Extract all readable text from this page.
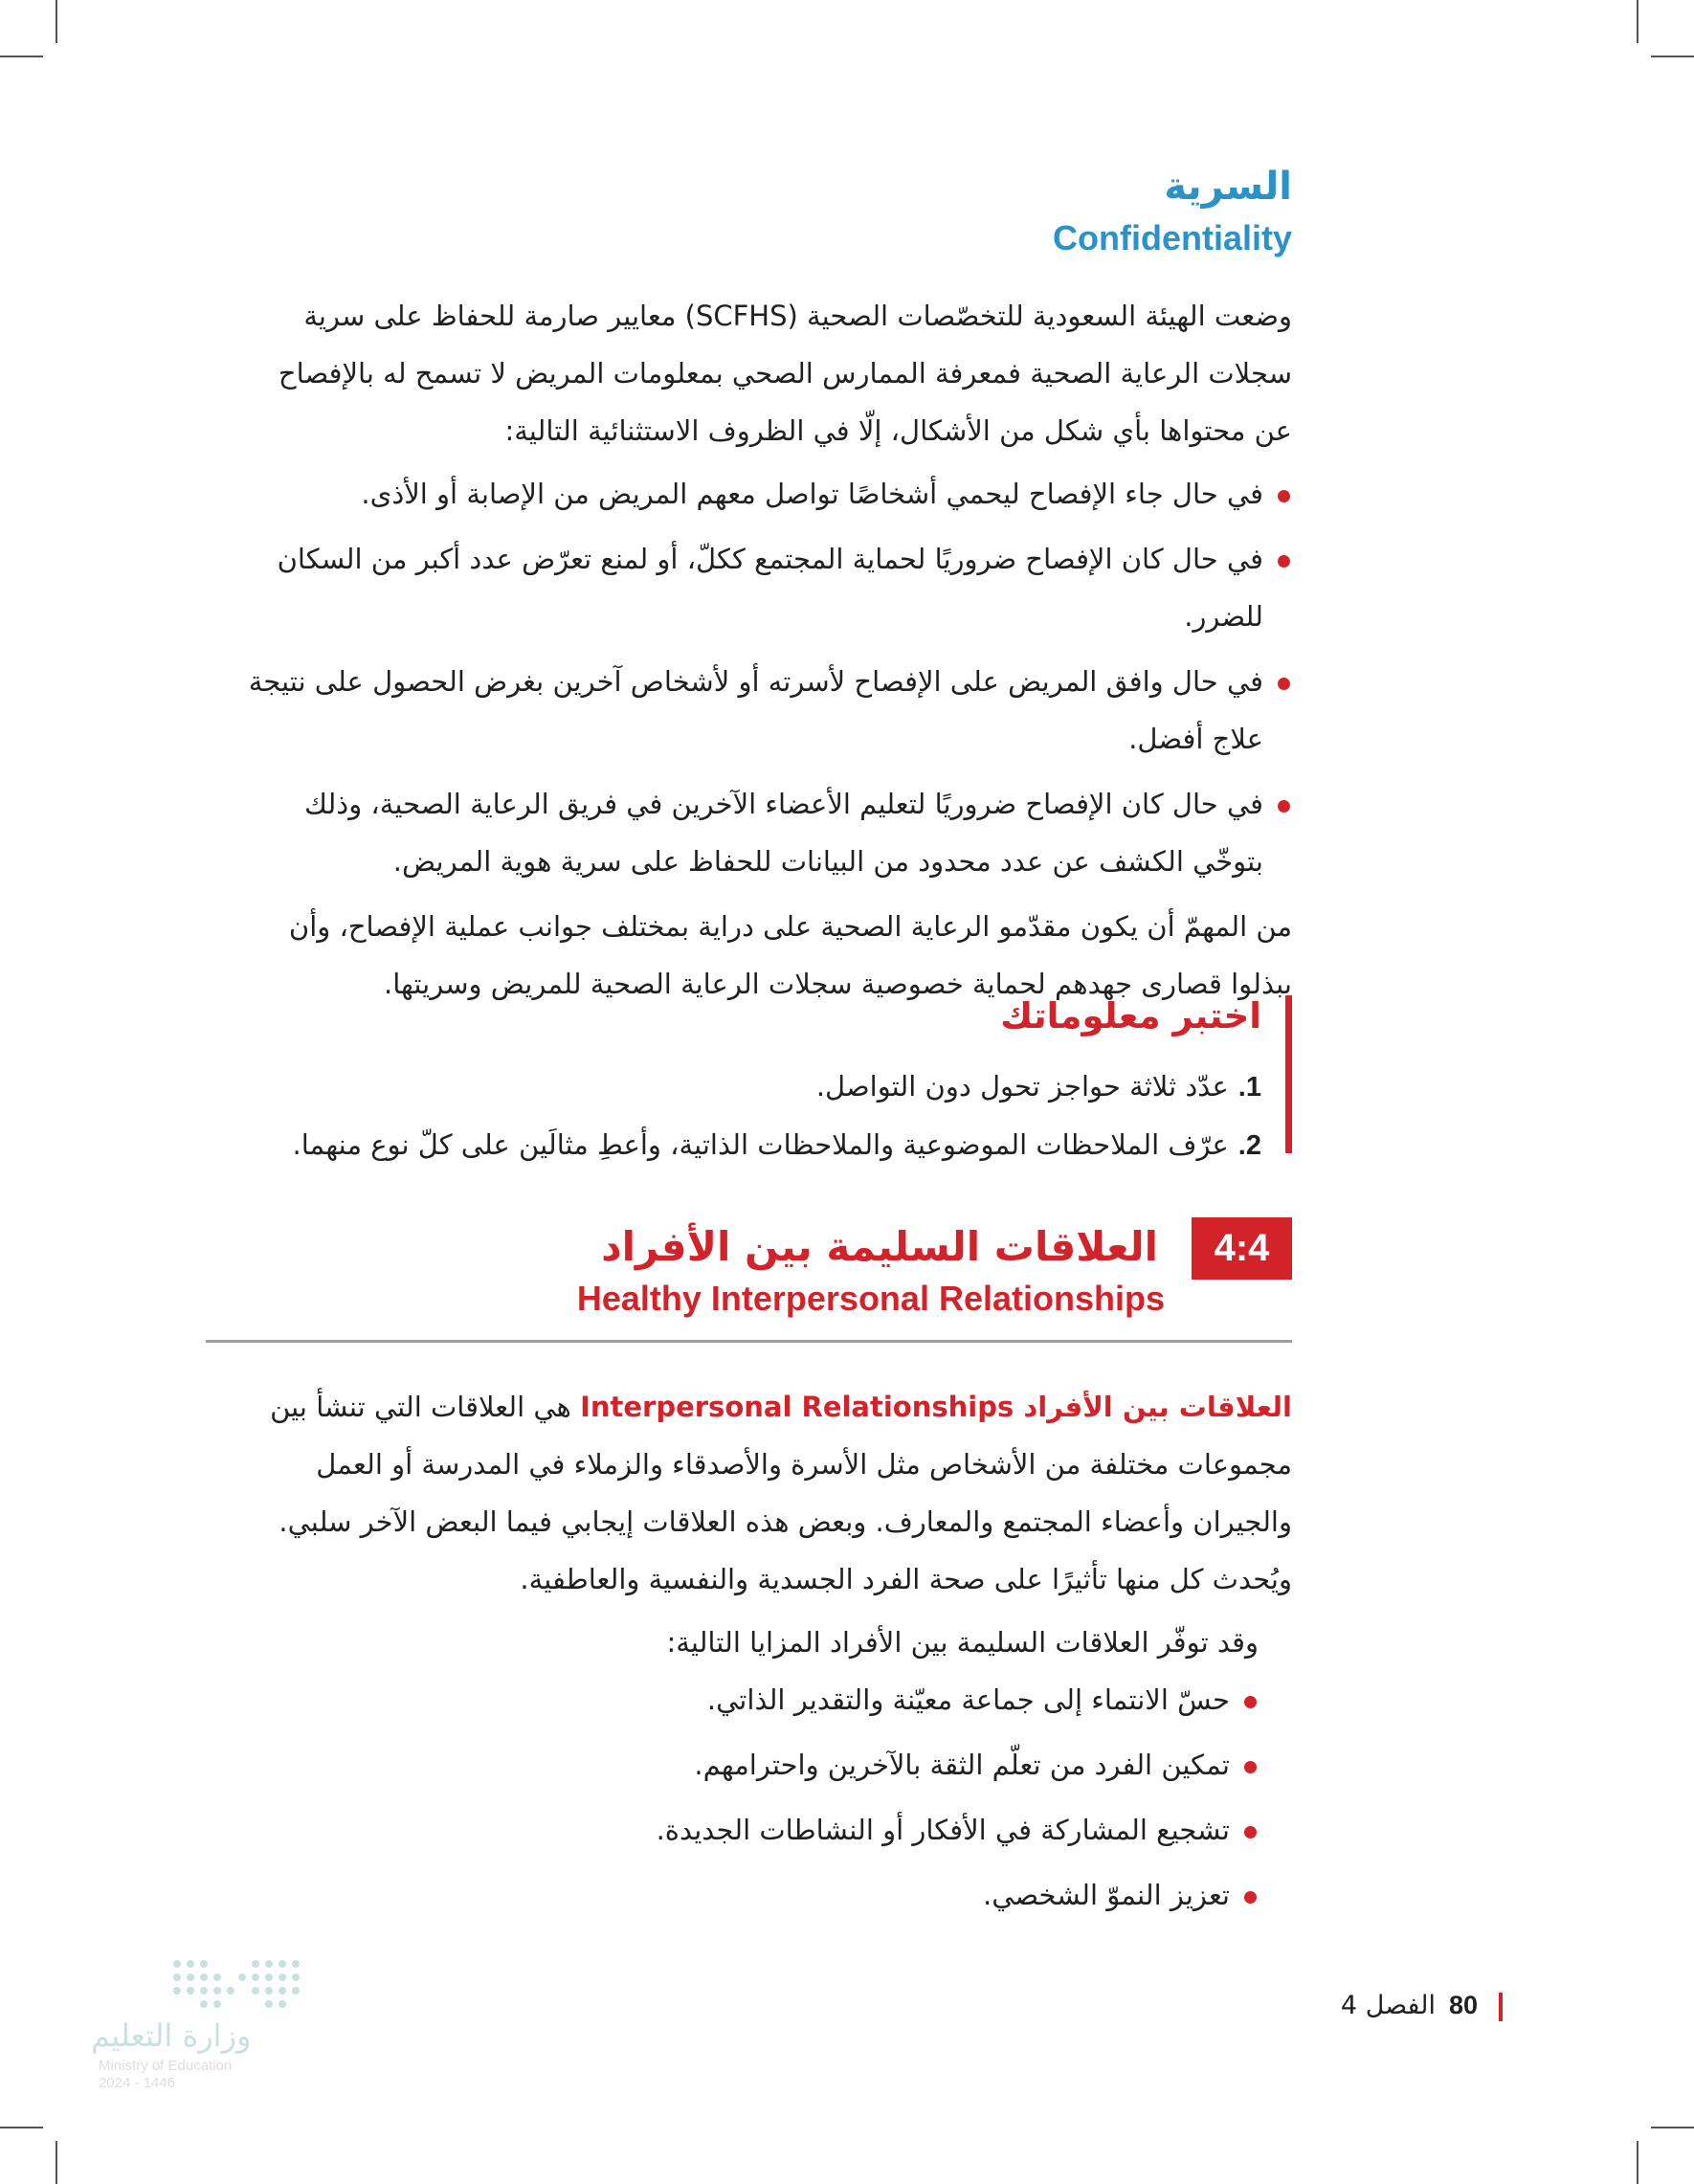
السرية
Confidentiality

وضعت الهيئة السعودية للتخصّصات الصحية (SCFHS) معايير صارمة للحفاظ على سرية سجلات الرعاية الصحية فمعرفة الممارس الصحي بمعلومات المريض لا تسمح له بالإفصاح عن محتواها بأي شكل من الأشكال، إلّا في الظروف الاستثنائية التالية:

في حال جاء الإفصاح ليحمي أشخاصًا تواصل معهم المريض من الإصابة أو الأذى.
في حال كان الإفصاح ضروريًا لحماية المجتمع ككلّ، أو لمنع تعرّض عدد أكبر من السكان للضرر.
في حال وافق المريض على الإفصاح لأسرته أو لأشخاص آخرين بغرض الحصول على نتيجة علاج أفضل.
في حال كان الإفصاح ضروريًا لتعليم الأعضاء الآخرين في فريق الرعاية الصحية، وذلك بتوخّي الكشف عن عدد محدود من البيانات للحفاظ على سرية هوية المريض.

من المهمّ أن يكون مقدّمو الرعاية الصحية على دراية بمختلف جوانب عملية الإفصاح، وأن يبذلوا قصارى جهدهم لحماية خصوصية سجلات الرعاية الصحية للمريض وسريتها.

اختبر معلوماتك
1.عدّد ثلاثة حواجز تحول دون التواصل.
2.عرّف الملاحظات الموضوعية والملاحظات الذاتية، وأعطِ مثالَين على كلّ نوع منهما.
4:4
العلاقات السليمة بين الأفراد
Healthy Interpersonal Relationships

العلاقات بين الأفراد Interpersonal Relationships هي العلاقات التي تنشأ بين مجموعات مختلفة من الأشخاص مثل الأسرة والأصدقاء والزملاء في المدرسة أو العمل والجيران وأعضاء المجتمع والمعارف. وبعض هذه العلاقات إيجابي فيما البعض الآخر سلبي. ويُحدث كل منها تأثيرًا على صحة الفرد الجسدية والنفسية والعاطفية.

وقد توفّر العلاقات السليمة بين الأفراد المزايا التالية:

حسّ الانتماء إلى جماعة معيّنة والتقدير الذاتي.
تمكين الفرد من تعلّم الثقة بالآخرين واحترامهم.
تشجيع المشاركة في الأفكار أو النشاطات الجديدة.
تعزيز النموّ الشخصي.
80الفصل 4
وزارة التعليم
Ministry of Education
2024 - 1446
